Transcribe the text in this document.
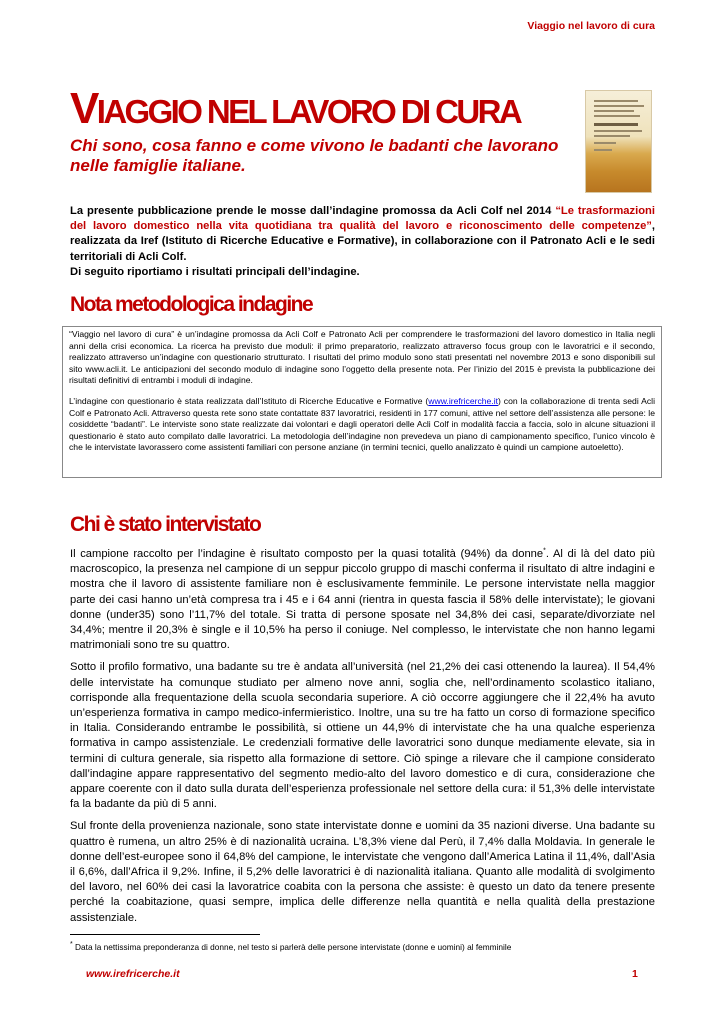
Viaggio nel lavoro di cura
VIAGGIO NEL LAVORO DI CURA
Chi sono, cosa fanno e come vivono le badanti che lavorano nelle famiglie italiane.
La presente pubblicazione prende le mosse dall’indagine promossa da Acli Colf nel 2014 “Le trasformazioni del lavoro domestico nella vita quotidiana tra qualità del lavoro e riconoscimento delle competenze”, realizzata da Iref (Istituto di Ricerche Educative e Formative), in collaborazione con il Patronato Acli e le sedi territoriali di Acli Colf.
Di seguito riportiamo i risultati principali dell’indagine.
Nota metodologica indagine

“Viaggio nel lavoro di cura” è un’indagine promossa da Acli Colf e Patronato Acli per comprendere le trasformazioni del lavoro domestico in Italia negli anni della crisi economica. La ricerca ha previsto due moduli: il primo preparatorio, realizzato attraverso focus group con le lavoratrici e il secondo, realizzato attraverso un’indagine con questionario strutturato. I risultati del primo modulo sono stati presentati nel novembre 2013 e sono disponibili sul sito www.acli.it. Le anticipazioni del secondo modulo di indagine sono l’oggetto della presente nota. Per l’inizio del 2015 è prevista la pubblicazione dei risultati definitivi di entrambi i moduli di indagine.

L’indagine con questionario è stata realizzata dall’Istituto di Ricerche Educative e Formative (www.irefricerche.it) con la collaborazione di trenta sedi Acli Colf e Patronato Acli. Attraverso questa rete sono state contattate 837 lavoratrici, residenti in 177 comuni, attive nel settore dell’assistenza alle persone: le cosiddette “badanti”. Le interviste sono state realizzate dai volontari e dagli operatori delle Acli Colf in modalità faccia a faccia, solo in alcune situazioni il questionario è stato auto compilato dalle lavoratrici. La metodologia dell’indagine non prevedeva un piano di campionamento specifico, l’unico vincolo è che le intervistate lavorassero come assistenti familiari con persone anziane (in termini tecnici, quello analizzato è quindi un campione autoeletto).

Chi è stato intervistato

Il campione raccolto per l’indagine è risultato composto per la quasi totalità (94%) da donne*. Al di là del dato più macroscopico, la presenza nel campione di un seppur piccolo gruppo di maschi conferma il risultato di altre indagini e mostra che il lavoro di assistente familiare non è esclusivamente femminile. Le persone intervistate nella maggior parte dei casi hanno un’età compresa tra i 45 e i 64 anni (rientra in questa fascia il 58% delle intervistate); le giovani donne (under35) sono l’11,7% del totale. Si tratta di persone sposate nel 34,8% dei casi, separate/divorziate nel 34,4%; mentre il 20,3% è single e il 10,5% ha perso il coniuge. Nel complesso, le intervistate che non hanno legami matrimoniali sono tre su quattro.

Sotto il profilo formativo, una badante su tre è andata all’università (nel 21,2% dei casi ottenendo la laurea). Il 54,4% delle intervistate ha comunque studiato per almeno nove anni, soglia che, nell’ordinamento scolastico italiano, corrisponde alla frequentazione della scuola secondaria superiore. A ciò occorre aggiungere che il 22,4% ha avuto un’esperienza formativa in campo medico-infermieristico. Inoltre, una su tre ha fatto un corso di formazione specifico in Italia. Considerando entrambe le possibilità, si ottiene un 44,9% di intervistate che ha una qualche esperienza formativa in campo assistenziale. Le credenziali formative delle lavoratrici sono dunque mediamente elevate, sia in termini di cultura generale, sia rispetto alla formazione di settore. Ciò spinge a rilevare che il campione considerato dall’indagine appare rappresentativo del segmento medio-alto del lavoro domestico e di cura, considerazione che appare coerente con il dato sulla durata dell’esperienza professionale nel settore della cura: il 51,3% delle intervistate fa la badante da più di 5 anni.

Sul fronte della provenienza nazionale, sono state intervistate donne e uomini da 35 nazioni diverse. Una badante su quattro è rumena, un altro 25% è di nazionalità ucraina. L’8,3% viene dal Perù, il 7,4% dalla Moldavia. In generale le donne dell’est-europee sono il 64,8% del campione, le intervistate che vengono dall’America Latina il 11,4%, dall’Asia il 6,6%, dall’Africa il 9,2%. Infine, il 5,2% delle lavoratrici è di nazionalità italiana. Quanto alle modalità di svolgimento del lavoro, nel 60% dei casi la lavoratrice coabita con la persona che assiste: è questo un dato da tenere presente perché la coabitazione, quasi sempre, implica delle differenze nella quantità e nella qualità della prestazione assistenziale.

* Data la nettissima preponderanza di donne, nel testo si parlerà delle persone intervistate (donne e uomini) al femminile
www.irefricerche.it	1
